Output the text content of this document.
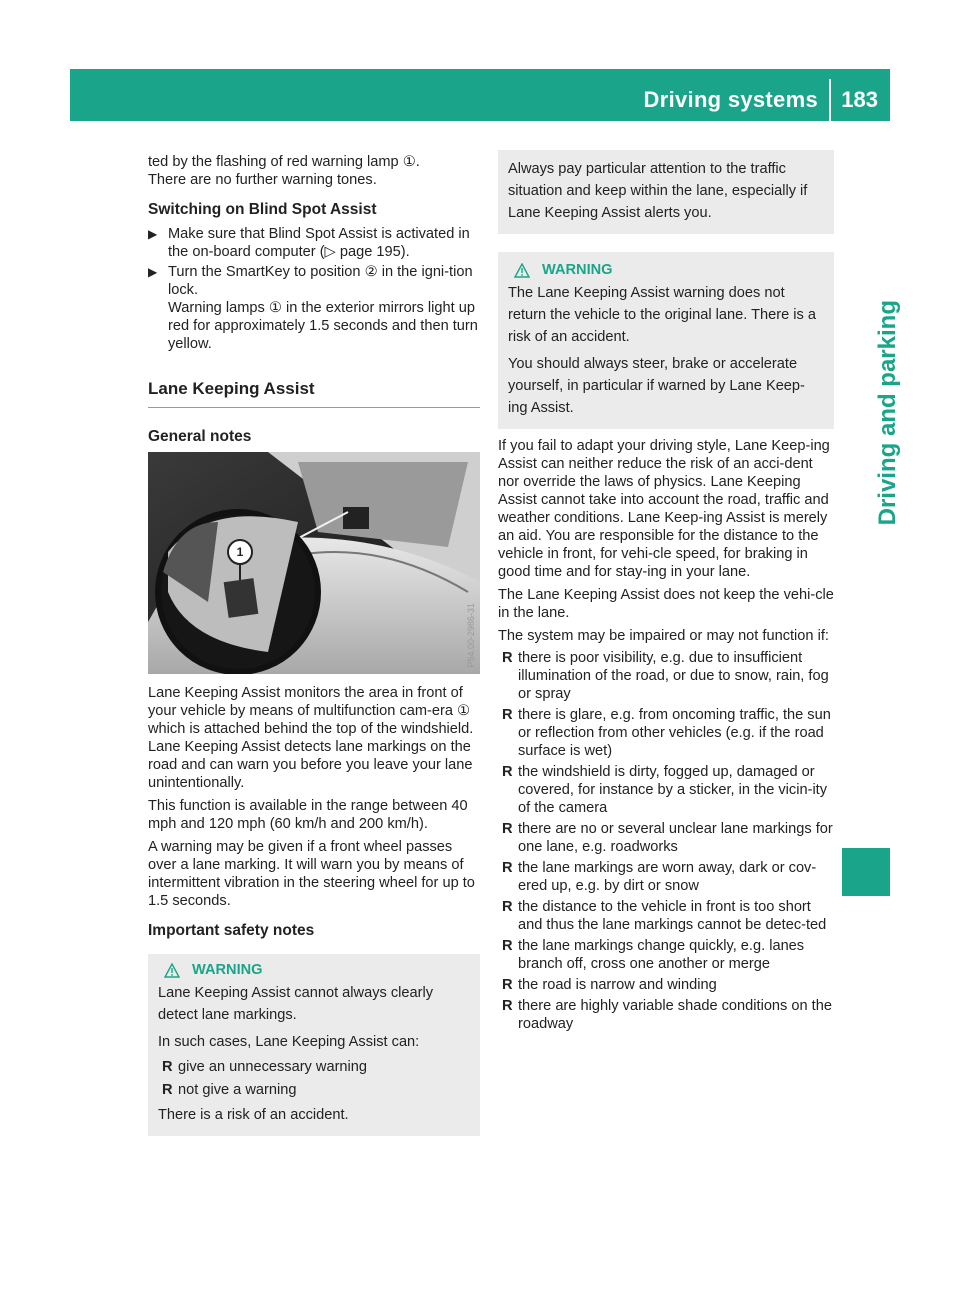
Driving systems 183
Driving and parking

ted by the flashing of red warning lamp ①.

There are no further warning tones.

Switching on Blind Spot Assist
▶ Make sure that Blind Spot Assist is activated in the on-board computer (▷ page 195).
▶ Turn the SmartKey to position ② in the igni-tion lock.
Warning lamps ① in the exterior mirrors light up red for approximately 1.5 seconds and then turn yellow.
Lane Keeping Assist
General notes
1
P54.00-2986-31

Lane Keeping Assist monitors the area in front of your vehicle by means of multifunction cam-era ① which is attached behind the top of the windshield. Lane Keeping Assist detects lane markings on the road and can warn you before you leave your lane unintentionally.

This function is available in the range between 40 mph and 120 mph (60 km/h and 200 km/h).

A warning may be given if a front wheel passes over a lane marking. It will warn you by means of intermittent vibration in the steering wheel for up to 1.5 seconds.

Important safety notes
WARNING

Lane Keeping Assist cannot always clearly detect lane markings.

In such cases, Lane Keeping Assist can:

R give an unnecessary warning
R not give a warning

There is a risk of an accident.

Always pay particular attention to the traffic situation and keep within the lane, especially if Lane Keeping Assist alerts you.

WARNING

The Lane Keeping Assist warning does not return the vehicle to the original lane. There is a risk of an accident.

You should always steer, brake or accelerate yourself, in particular if warned by Lane Keep-ing Assist.

If you fail to adapt your driving style, Lane Keep-ing Assist can neither reduce the risk of an acci-dent nor override the laws of physics. Lane Keeping Assist cannot take into account the road, traffic and weather conditions. Lane Keep-ing Assist is merely an aid. You are responsible for the distance to the vehicle in front, for vehi-cle speed, for braking in good time and for stay-ing in your lane.

The Lane Keeping Assist does not keep the vehi-cle in the lane.

The system may be impaired or may not function if:

R there is poor visibility, e.g. due to insufficient illumination of the road, or due to snow, rain, fog or spray
R there is glare, e.g. from oncoming traffic, the sun or reflection from other vehicles (e.g. if the road surface is wet)
R the windshield is dirty, fogged up, damaged or covered, for instance by a sticker, in the vicin-ity of the camera
R there are no or several unclear lane markings for one lane, e.g. roadworks
R the lane markings are worn away, dark or cov-ered up, e.g. by dirt or snow
R the distance to the vehicle in front is too short and thus the lane markings cannot be detec-ted
R the lane markings change quickly, e.g. lanes branch off, cross one another or merge
R the road is narrow and winding
R there are highly variable shade conditions on the roadway
